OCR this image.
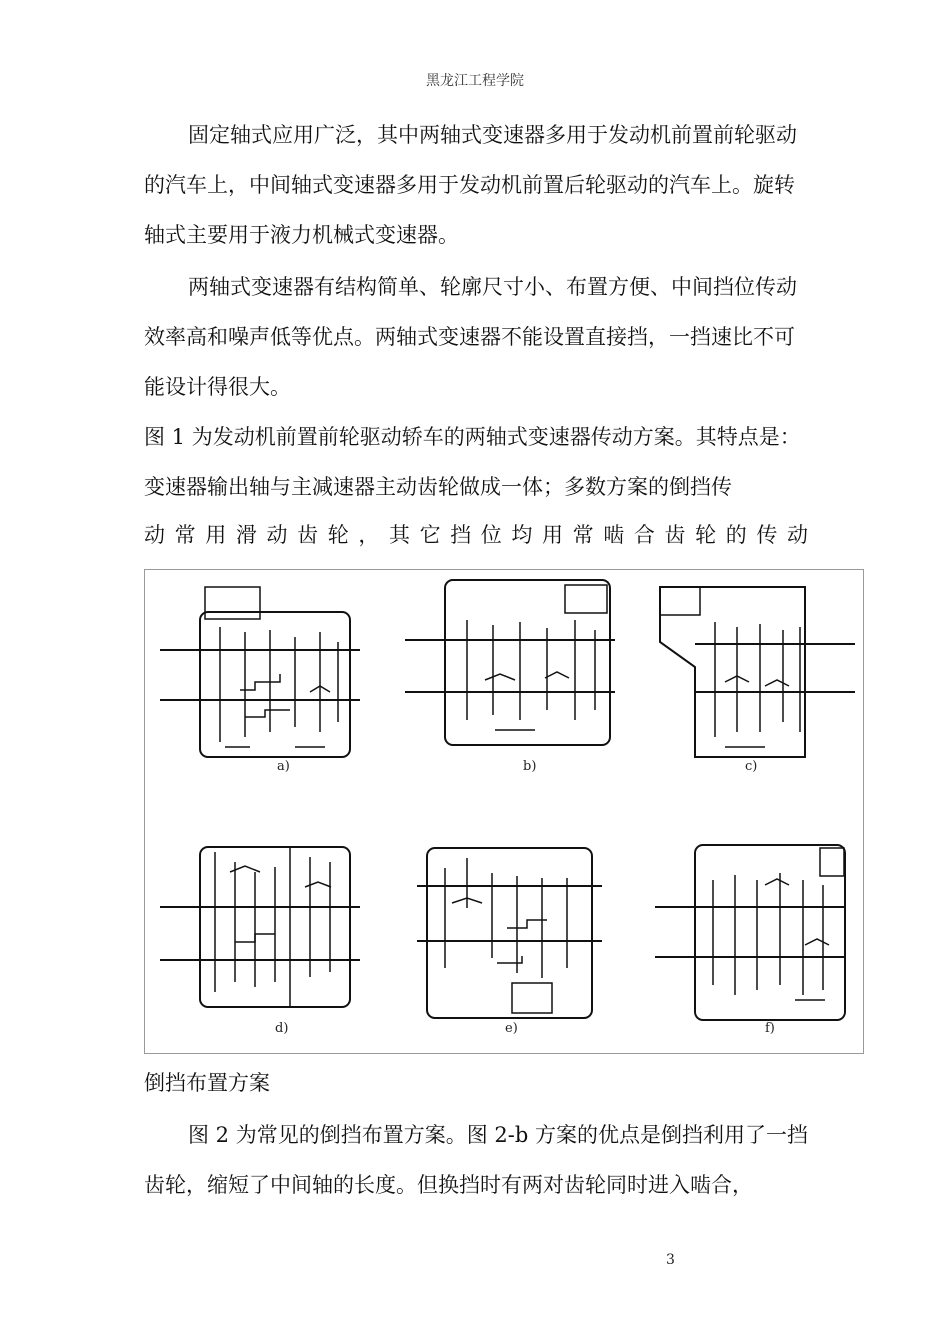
黑龙江工程学院
固定轴式应用广泛，其中两轴式变速器多用于发动机前置前轮驱动的汽车上，中间轴式变速器多用于发动机前置后轮驱动的汽车上。旋转轴式主要用于液力机械式变速器。
两轴式变速器有结构简单、轮廓尺寸小、布置方便、中间挡位传动效率高和噪声低等优点。两轴式变速器不能设置直接挡，一挡速比不可能设计得很大。
图 1 为发动机前置前轮驱动轿车的两轴式变速器传动方案。其特点是：变速器输出轴与主减速器主动齿轮做成一体；多数方案的倒挡传
动常用滑动齿轮，其它挡位均用常啮合齿轮的传动
a)	b)	c)
d)	e)	f)
倒挡布置方案
图 2 为常见的倒挡布置方案。图 2-b 方案的优点是倒挡利用了一挡齿轮，缩短了中间轴的长度。但换挡时有两对齿轮同时进入啮合，
3
